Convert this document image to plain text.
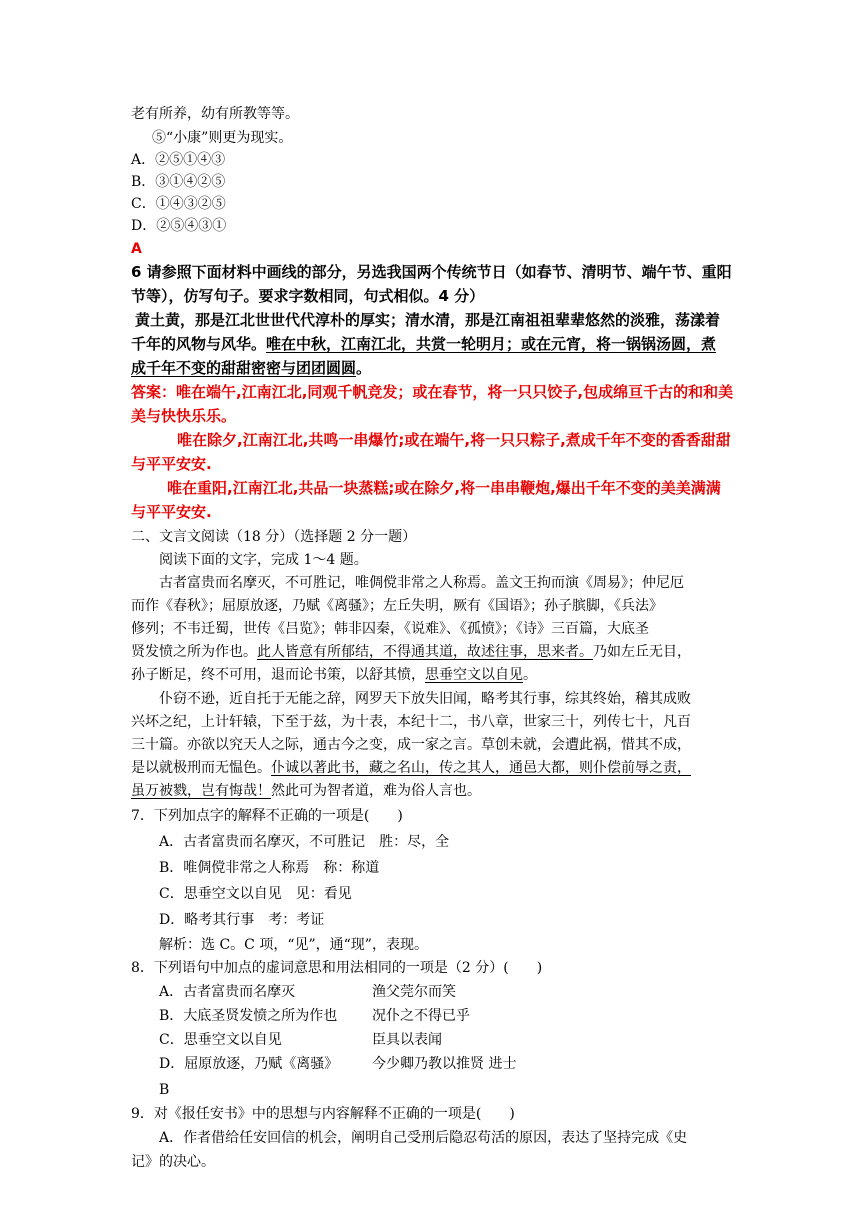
老有所养，幼有所教等等。
⑤“小康”则更为现实。
A．②⑤①④③
B．③①④②⑤
C．①④③②⑤
D．②⑤④③①
A
6 请参照下面材料中画线的部分，另选我国两个传统节日（如春节、清明节、端午节、重阳
节等），仿写句子。要求字数相同，句式相似。4 分）
黄土黄，那是江北世世代代淳朴的厚实；清水清，那是江南祖祖辈辈悠然的淡雅，荡漾着
千年的风物与风华。唯在中秋，江南江北，共赏一轮明月；或在元宵，将一锅锅汤圆，煮
成千年不变的甜甜密密与团团圆圆。
答案：唯在端午,江南江北,同观千帆竞发；或在春节，将一只只饺子,包成绵亘千古的和和美
美与快快乐乐。
唯在除夕,江南江北,共鸣一串爆竹;或在端午,将一只只粽子,煮成千年不变的香香甜甜
与平平安安.
唯在重阳,江南江北,共品一块蒸糕;或在除夕,将一串串鞭炮,爆出千年不变的美美满满
与平平安安.
二、文言文阅读（18 分）（选择题 2 分一题）
阅读下面的文字，完成 1～4 题。
古者富贵而名摩灭，不可胜记，唯倜傥非常之人称焉。盖文王拘而演《周易》；仲尼厄
而作《春秋》；屈原放逐，乃赋《离骚》；左丘失明，厥有《国语》；孙子膑脚，《兵法》
修列；不韦迁蜀，世传《吕览》；韩非囚秦，《说难》、《孤愤》；《诗》三百篇，大底圣
贤发愤之所为作也。此人皆意有所郁结，不得通其道，故述往事，思来者。乃如左丘无目，
孙子断足，终不可用，退而论书策，以舒其愤，思垂空文以自见。
仆窃不逊，近自托于无能之辞，网罗天下放失旧闻，略考其行事，综其终始，稽其成败
兴坏之纪，上计轩辕，下至于兹，为十表，本纪十二，书八章，世家三十，列传七十，凡百
三十篇。亦欲以究天人之际，通古今之变，成一家之言。草创未就，会遭此祸，惜其不成，
是以就极刑而无愠色。仆诚以著此书，藏之名山，传之其人，通邑大都，则仆偿前辱之责，
虽万被戮，岂有悔哉！然此可为智者道，难为俗人言也。
7．下列加点字的解释不正确的一项是(　　)
A．古者富贵而名摩灭，不可胜记　胜：尽，全
B．唯倜傥非常之人称焉　称：称道
C．思垂空文以自见　见：看见
D．略考其行事　考：考证
解析：选 C。C 项，“见”，通“现”，表现。
8．下列语句中加点的虚词意思和用法相同的一项是（2 分）(　　)
A．古者富贵而名摩灭	渔父莞尔而笑
B．大底圣贤发愤之所为作也 况仆之不得已乎
C．思垂空文以自见	臣具以表闻
D．屈原放逐，乃赋《离骚》 今少卿乃教以推贤 进士
B
9．对《报任安书》中的思想与内容解释不正确的一项是(　　)
A．作者借给任安回信的机会，阐明自己受刑后隐忍苟活的原因，表达了坚持完成《史
记》的决心。
